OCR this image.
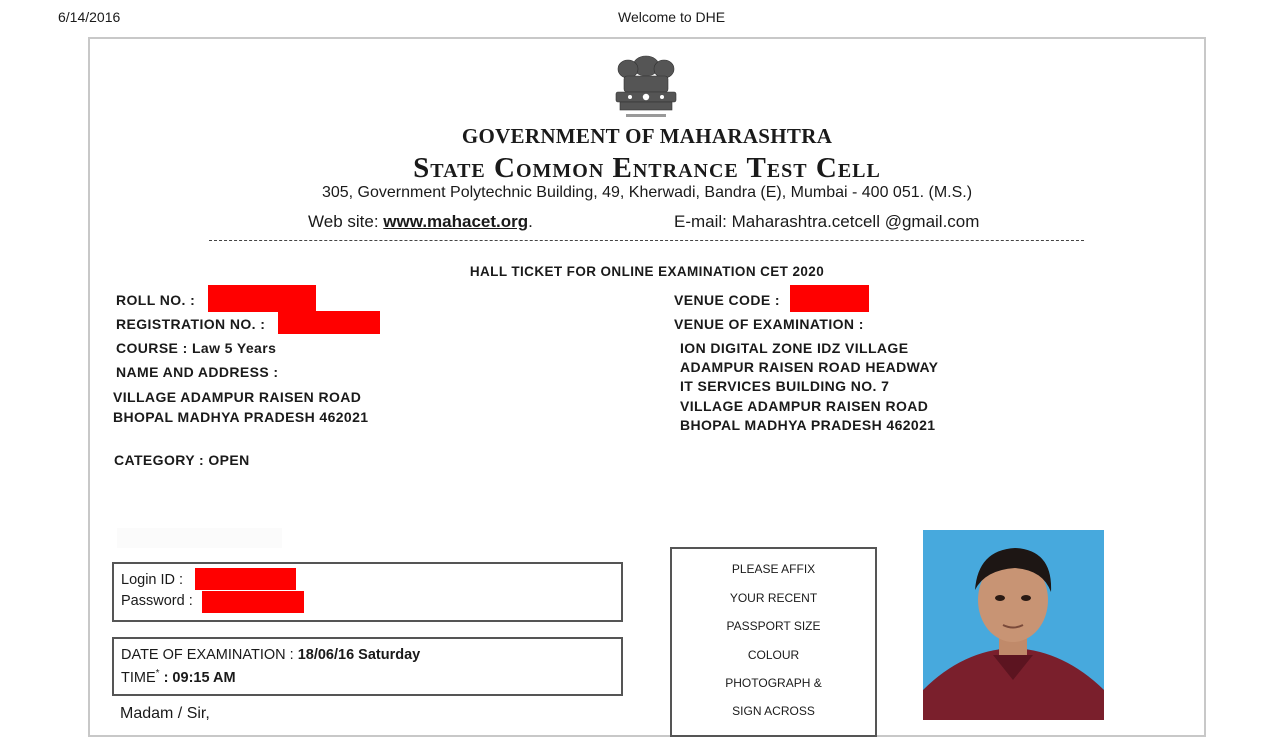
6/14/2016	Welcome to DHE
GOVERNMENT OF MAHARASHTRA
State Common Entrance Test Cell
305, Government Polytechnic Building, 49, Kherwadi, Bandra (E), Mumbai - 400 051. (M.S.)
Web site: www.mahacet.org.	E-mail: Maharashtra.cetcell @gmail.com
HALL TICKET FOR ONLINE EXAMINATION CET 2020
ROLL NO. :
REGISTRATION NO. :
COURSE : Law 5 Years
NAME AND ADDRESS :
VILLAGE ADAMPUR RAISEN ROAD
BHOPAL MADHYA PRADESH 462021
CATEGORY : OPEN
VENUE CODE :
VENUE OF EXAMINATION :
ION DIGITAL ZONE IDZ VILLAGE
ADAMPUR RAISEN ROAD HEADWAY
IT SERVICES BUILDING NO. 7
VILLAGE ADAMPUR RAISEN ROAD
BHOPAL MADHYA PRADESH 462021
Login ID :
Password :
DATE OF EXAMINATION : 18/06/16 Saturday
TIME* : 09:15 AM
PLEASE AFFIX
YOUR RECENT
PASSPORT SIZE
COLOUR
PHOTOGRAPH &
SIGN ACROSS
Madam / Sir,
